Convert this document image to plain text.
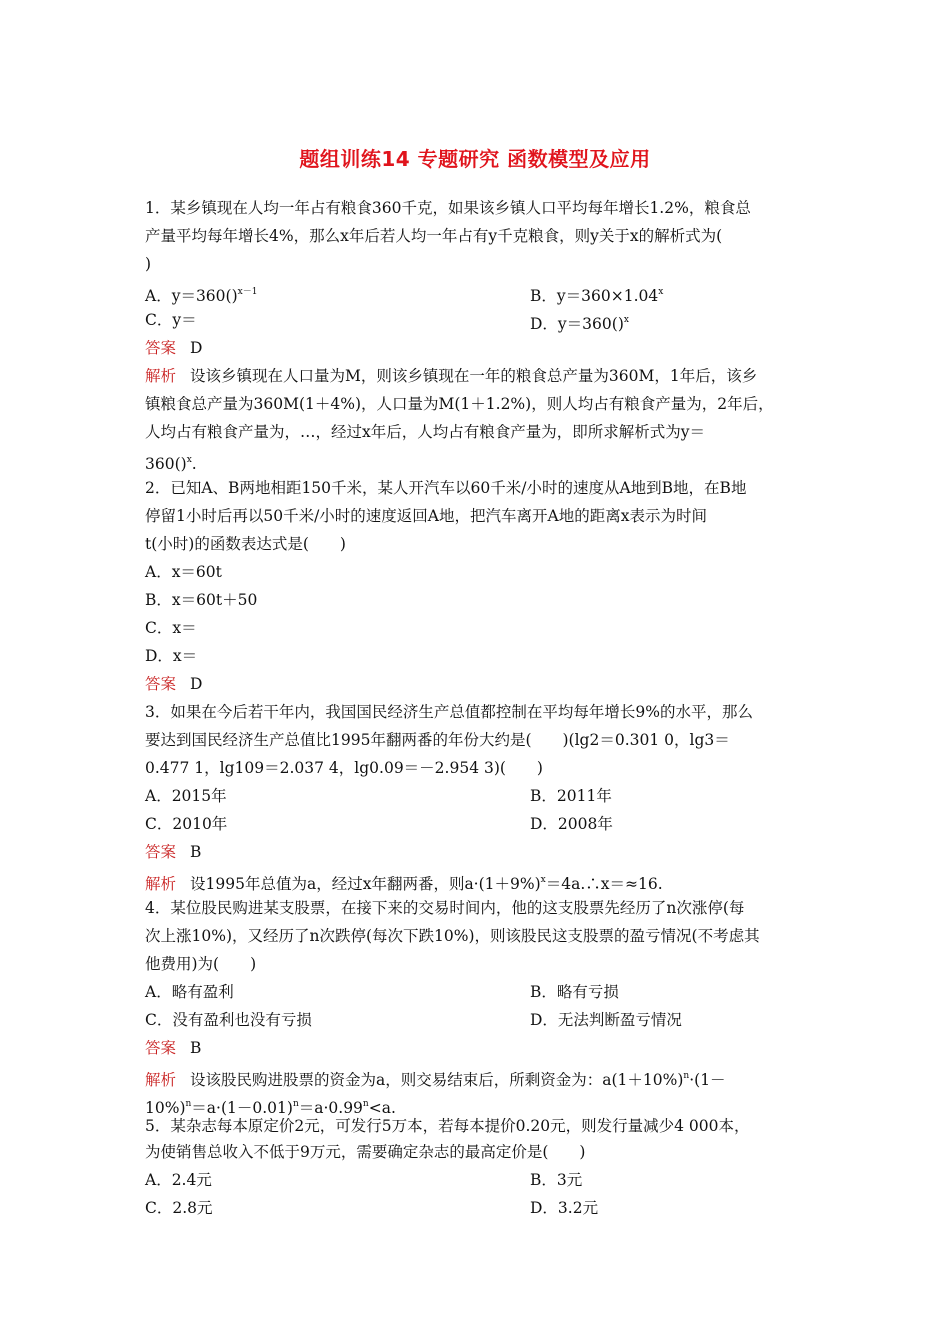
题组训练14 专题研究 函数模型及应用
1．某乡镇现在人均一年占有粮食360千克，如果该乡镇人口平均每年增长1.2%，粮食总
产量平均每年增长4%，那么x年后若人均一年占有y千克粮食，则y关于x的解析式为(
)
A．y＝360()$^{x-1}$	B．$y=360\times 1.04^x$
C．y＝	D．y＝360()$^x$
答案 D
解析 设该乡镇现在人口量为M，则该乡镇现在一年的粮食总产量为360M，1年后，该乡
镇粮食总产量为360M(1＋4%)，人口量为M(1＋1.2%)，则人均占有粮食产量为，2年后，
人均占有粮食产量为，…，经过x年后，人均占有粮食产量为，即所求解析式为y＝
360()$^x$.
2．已知A、B两地相距150千米，某人开汽车以60千米/小时的速度从A地到B地，在B地
停留1小时后再以50千米/小时的速度返回A地，把汽车离开A地的距离x表示为时间
t(小时)的函数表达式是(　　)
A．x＝60t
B．x＝60t＋50
C．x＝
D．x＝
答案 D
3．如果在今后若干年内，我国国民经济生产总值都控制在平均每年增长9%的水平，那么
要达到国民经济生产总值比1995年翻两番的年份大约是(　　)(lg2＝0.301 0，lg3＝
0.477 1，lg109＝2.037 4，lg0.09＝－2.954 3)(　　)
A．2015年	B．2011年
C．2010年	D．2008年
答案 B
解析 设1995年总值为a，经过x年翻两番，则$a\cdot(1+9\%)^x=4a.\therefore x=\approx 16$.
4．某位股民购进某支股票，在接下来的交易时间内，他的这支股票先经历了n次涨停(每
次上涨10%)，又经历了n次跌停(每次下跌10%)，则该股民这支股票的盈亏情况(不考虑其
他费用)为(　　)
A．略有盈利	B．略有亏损
C．没有盈利也没有亏损	D．无法判断盈亏情况
答案 B
解析 设该股民购进股票的资金为a，则交易结束后，所剩资金为：$a(1+10\%)^n\cdot(1-$
$10\%)^n=a\cdot(1-0.01)^n=a\cdot 0.99^n<a$.
5．某杂志每本原定价2元，可发行5万本，若每本提价0.20元，则发行量减少4 000本，
为使销售总收入不低于9万元，需要确定杂志的最高定价是(　　)
A．2.4元	B．3元
C．2.8元	D．3.2元
